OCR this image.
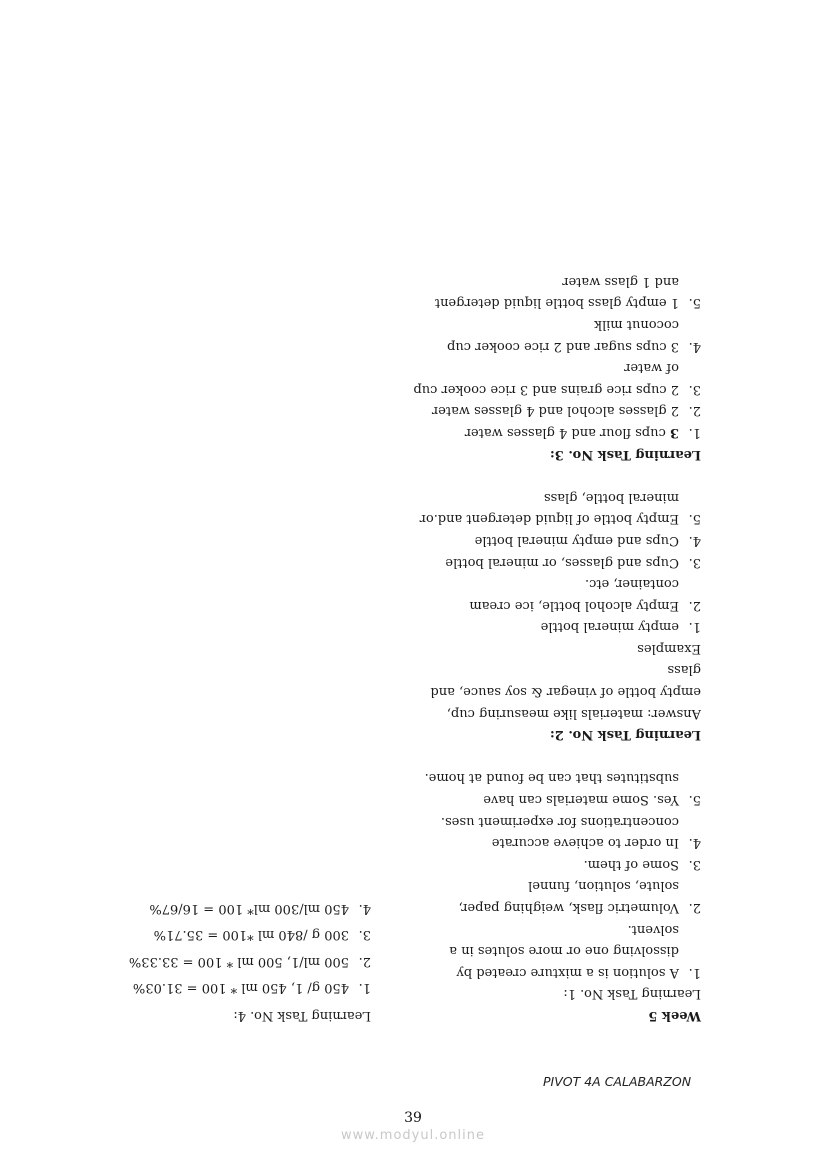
Week 5
Learning Task No. 1:
1.
A solution is a mixture created by
dissolving one or more solutes in a
solvent.
2.
Volumetric flask, weighing paper,
solute, solution, funnel
3.
Some of them.
4.
In order to achieve accurate
concentrations for experiment uses.
5.
Yes. Some materials can have
substitutes that can be found at home.
Learning Task No. 2:
Answer: materials like measuring cup,
empty bottle of vinegar & soy sauce, and
glass
Examples
1.
empty mineral bottle
2.
Empty alcohol bottle, ice cream
container, etc.
3.
Cups and glasses, or mineral bottle
4.
Cups and empty mineral bottle
5.
Empty bottle of liquid detergent and.or
mineral bottle, glass
Learning Task No. 3:
1.
3 cups flour and 4 glasses water
2.
2 glasses alcohol and 4 glasses water
3.
2 cups rice grains and 3 rice cooker cup
of water
4.
3 cups sugar and 2 rice cooker cup
coconut milk
5.
1 empty glass bottle liquid detergent
and 1 glass water
Learning Task No. 4:
1.
450 g/ 1, 450 ml * 100 = 31.03%
2.
500 ml/1, 500 ml * 100 = 33.33%
3.
300 g /840 ml *100 = 35.71%
4.
450 ml/300 ml* 100 = 16/67%
PIVOT 4A CALABARZON
39
www.modyul.online
